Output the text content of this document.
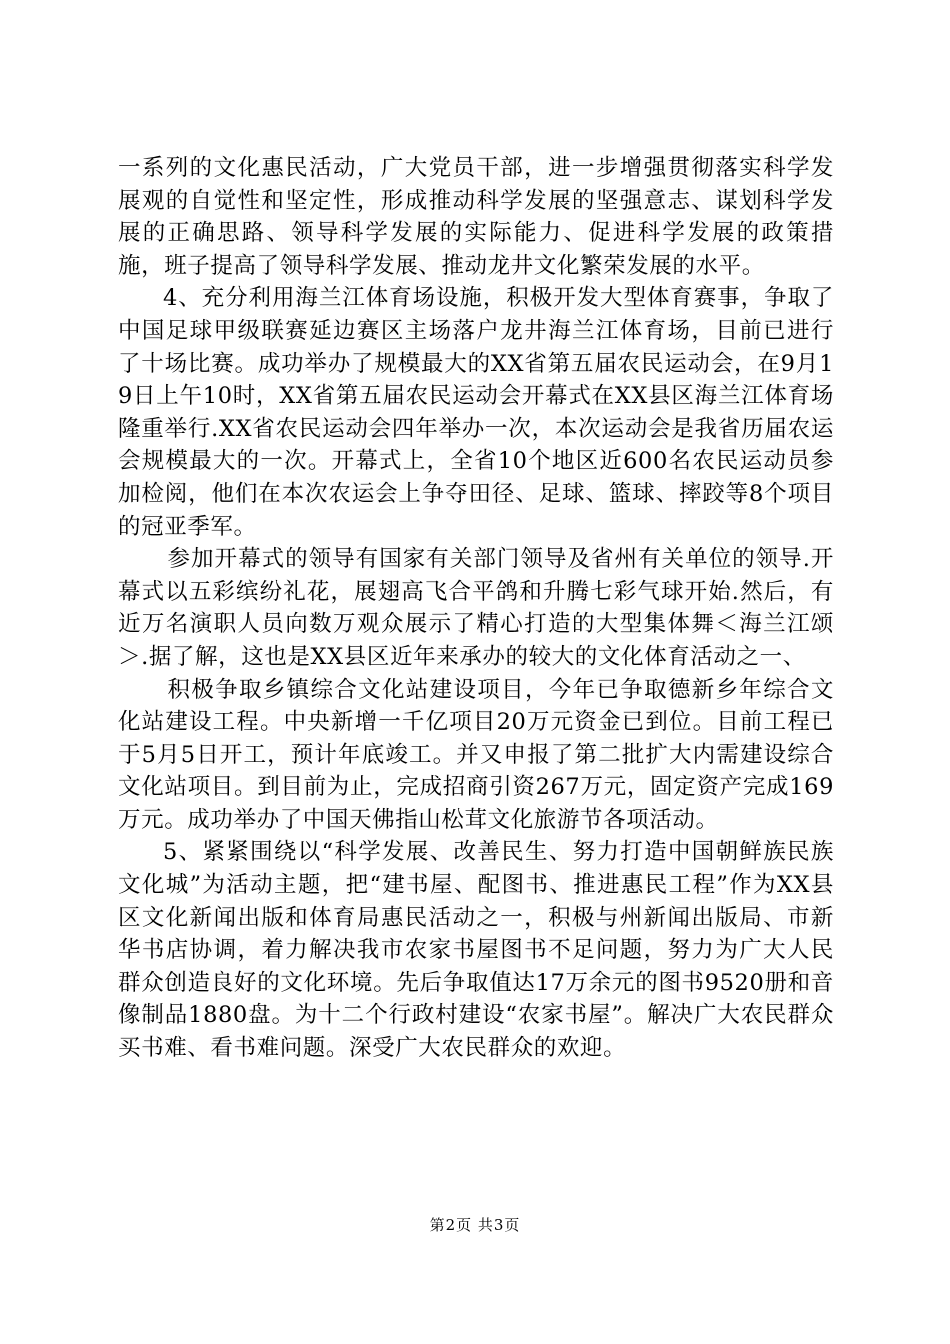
一系列的文化惠民活动，广大党员干部，进一步增强贯彻落实科学发展观的自觉性和坚定性，形成推动科学发展的坚强意志、谋划科学发展的正确思路、领导科学发展的实际能力、促进科学发展的政策措施，班子提高了领导科学发展、推动龙井文化繁荣发展的水平。

4、充分利用海兰江体育场设施，积极开发大型体育赛事，争取了中国足球甲级联赛延边赛区主场落户龙井海兰江体育场，目前已进行了十场比赛。成功举办了规模最大的XX省第五届农民运动会，在9月19日上午10时，XX省第五届农民运动会开幕式在XX县区海兰江体育场隆重举行.XX省农民运动会四年举办一次，本次运动会是我省历届农运会规模最大的一次。开幕式上，全省10个地区近600名农民运动员参加检阅，他们在本次农运会上争夺田径、足球、篮球、摔跤等8个项目的冠亚季军。

参加开幕式的领导有国家有关部门领导及省州有关单位的领导.开幕式以五彩缤纷礼花，展翅高飞合平鸽和升腾七彩气球开始.然后，有近万名演职人员向数万观众展示了精心打造的大型集体舞＜海兰江颂＞.据了解，这也是XX县区近年来承办的较大的文化体育活动之一、

积极争取乡镇综合文化站建设项目，今年已争取德新乡年综合文化站建设工程。中央新增一千亿项目20万元资金已到位。目前工程已于5月5日开工，预计年底竣工。并又申报了第二批扩大内需建设综合文化站项目。到目前为止，完成招商引资267万元，固定资产完成169万元。成功举办了中国天佛指山松茸文化旅游节各项活动。

5、紧紧围绕以“科学发展、改善民生、努力打造中国朝鲜族民族文化城”为活动主题，把“建书屋、配图书、推进惠民工程”作为XX县区文化新闻出版和体育局惠民活动之一，积极与州新闻出版局、市新华书店协调，着力解决我市农家书屋图书不足问题，努力为广大人民群众创造良好的文化环境。先后争取值达17万余元的图书9520册和音像制品1880盘。为十二个行政村建设“农家书屋”。解决广大农民群众买书难、看书难问题。深受广大农民群众的欢迎。

第2页 共3页
